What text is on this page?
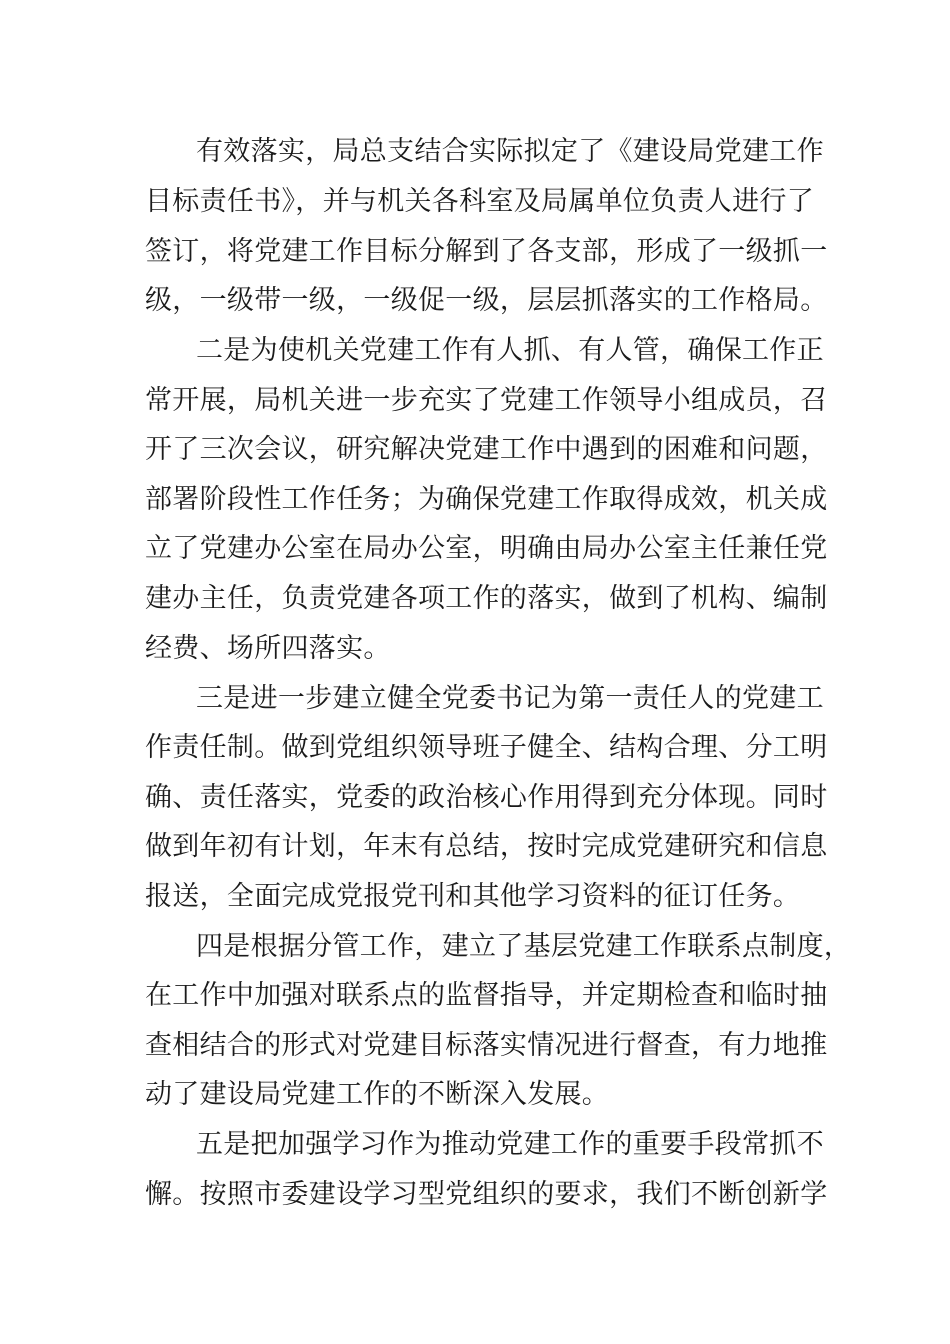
有效落实，局总支结合实际拟定了《建设局党建工作
目标责任书》，并与机关各科室及局属单位负责人进行了
签订，将党建工作目标分解到了各支部，形成了一级抓一
级，一级带一级，一级促一级，层层抓落实的工作格局。
二是为使机关党建工作有人抓、有人管，确保工作正
常开展，局机关进一步充实了党建工作领导小组成员，召
开了三次会议，研究解决党建工作中遇到的困难和问题，
部署阶段性工作任务；为确保党建工作取得成效，机关成
立了党建办公室在局办公室，明确由局办公室主任兼任党
建办主任，负责党建各项工作的落实，做到了机构、编制
经费、场所四落实。
三是进一步建立健全党委书记为第一责任人的党建工
作责任制。做到党组织领导班子健全、结构合理、分工明
确、责任落实，党委的政治核心作用得到充分体现。同时
做到年初有计划，年末有总结，按时完成党建研究和信息
报送，全面完成党报党刊和其他学习资料的征订任务。
四是根据分管工作，建立了基层党建工作联系点制度，
在工作中加强对联系点的监督指导，并定期检查和临时抽
查相结合的形式对党建目标落实情况进行督查，有力地推
动了建设局党建工作的不断深入发展。
五是把加强学习作为推动党建工作的重要手段常抓不
懈。按照市委建设学习型党组织的要求，我们不断创新学
